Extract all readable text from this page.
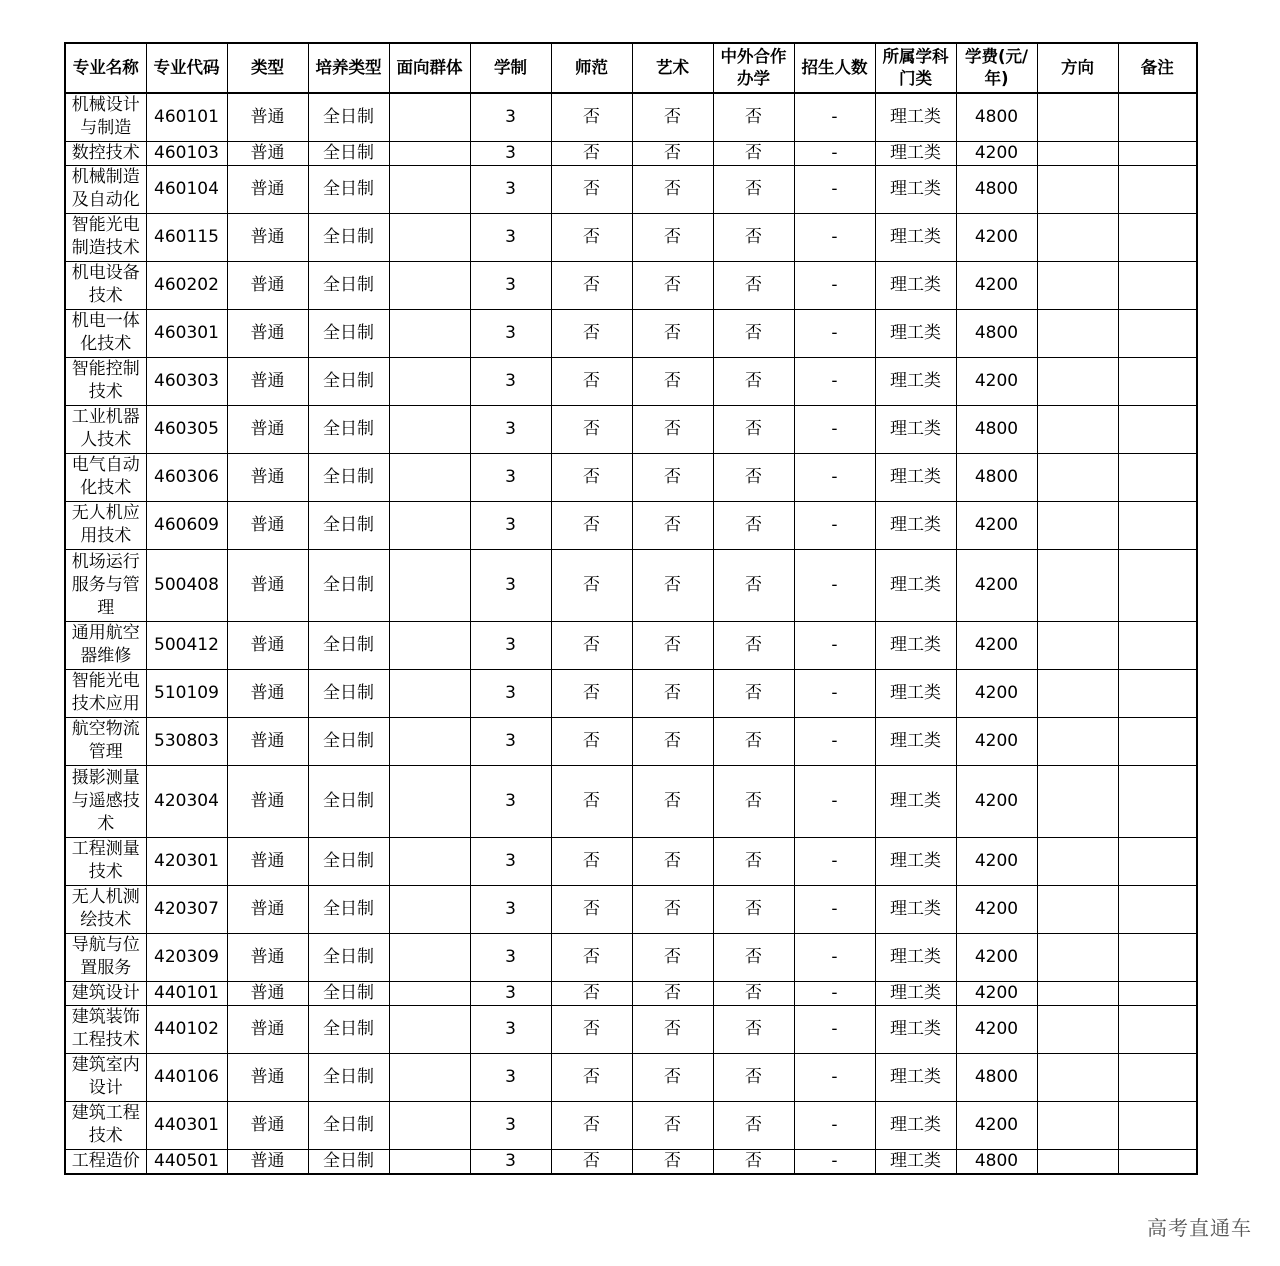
专业名称	专业代码	类型	培养类型	面向群体	学制	师范	艺术	中外合作办学	招生人数	所属学科门类	学费(元/年)	方向	备注
机械设计与制造	460101	普通	全日制		3	否	否	否	-	理工类	4800		
数控技术	460103	普通	全日制		3	否	否	否	-	理工类	4200		
机械制造及自动化	460104	普通	全日制		3	否	否	否	-	理工类	4800		
智能光电制造技术	460115	普通	全日制		3	否	否	否	-	理工类	4200		
机电设备技术	460202	普通	全日制		3	否	否	否	-	理工类	4200		
机电一体化技术	460301	普通	全日制		3	否	否	否	-	理工类	4800		
智能控制技术	460303	普通	全日制		3	否	否	否	-	理工类	4200		
工业机器人技术	460305	普通	全日制		3	否	否	否	-	理工类	4800		
电气自动化技术	460306	普通	全日制		3	否	否	否	-	理工类	4800		
无人机应用技术	460609	普通	全日制		3	否	否	否	-	理工类	4200		
机场运行服务与管理	500408	普通	全日制		3	否	否	否	-	理工类	4200		
通用航空器维修	500412	普通	全日制		3	否	否	否	-	理工类	4200		
智能光电技术应用	510109	普通	全日制		3	否	否	否	-	理工类	4200		
航空物流管理	530803	普通	全日制		3	否	否	否	-	理工类	4200		
摄影测量与遥感技术	420304	普通	全日制		3	否	否	否	-	理工类	4200		
工程测量技术	420301	普通	全日制		3	否	否	否	-	理工类	4200		
无人机测绘技术	420307	普通	全日制		3	否	否	否	-	理工类	4200		
导航与位置服务	420309	普通	全日制		3	否	否	否	-	理工类	4200		
建筑设计	440101	普通	全日制		3	否	否	否	-	理工类	4200		
建筑装饰工程技术	440102	普通	全日制		3	否	否	否	-	理工类	4200		
建筑室内设计	440106	普通	全日制		3	否	否	否	-	理工类	4800		
建筑工程技术	440301	普通	全日制		3	否	否	否	-	理工类	4200		
工程造价	440501	普通	全日制		3	否	否	否	-	理工类	4800		
高考直通车
